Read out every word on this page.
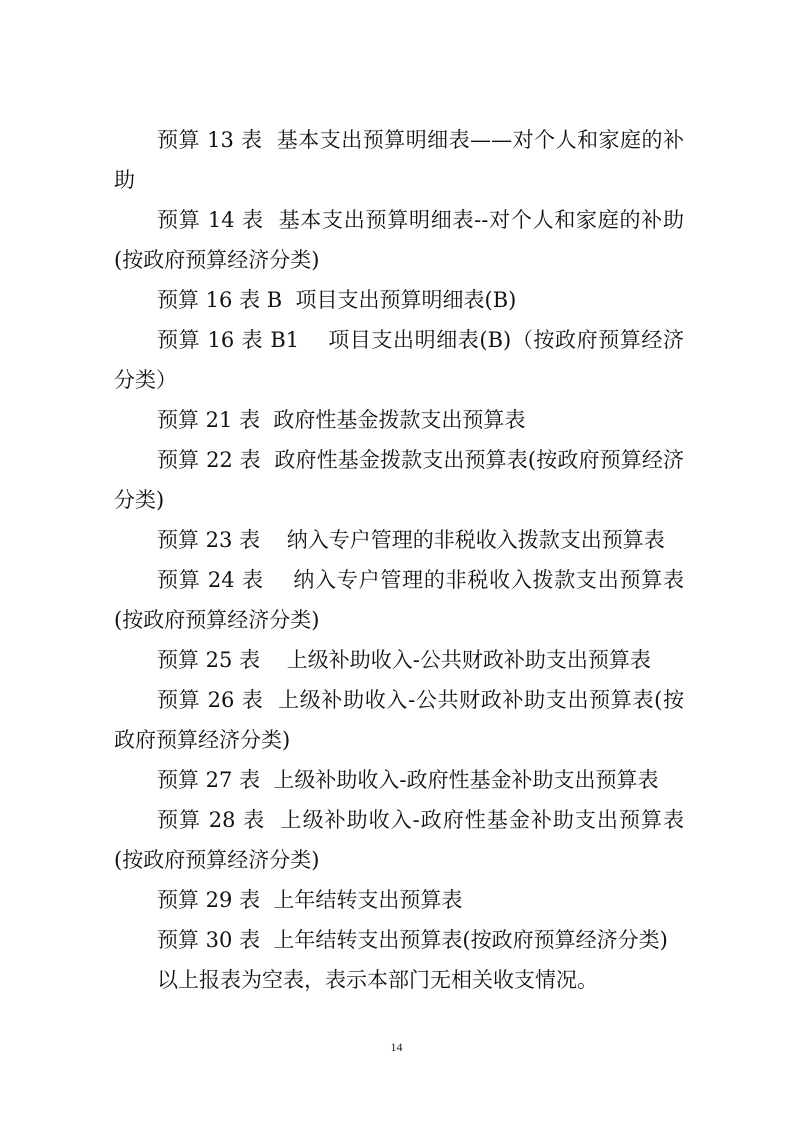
预算 13 表  基本支出预算明细表——对个人和家庭的补助

预算 14 表  基本支出预算明细表--对个人和家庭的补助(按政府预算经济分类)

预算 16 表 B  项目支出预算明细表(B)

预算 16 表 B1    项目支出明细表(B)（按政府预算经济分类）

预算 21 表  政府性基金拨款支出预算表

预算 22 表  政府性基金拨款支出预算表(按政府预算经济分类)

预算 23 表    纳入专户管理的非税收入拨款支出预算表

预算 24 表    纳入专户管理的非税收入拨款支出预算表(按政府预算经济分类)

预算 25 表    上级补助收入-公共财政补助支出预算表

预算 26 表  上级补助收入-公共财政补助支出预算表(按政府预算经济分类)

预算 27 表  上级补助收入-政府性基金补助支出预算表

预算 28 表  上级补助收入-政府性基金补助支出预算表(按政府预算经济分类)

预算 29 表  上年结转支出预算表

预算 30 表  上年结转支出预算表(按政府预算经济分类)

以上报表为空表，表示本部门无相关收支情况。

14
